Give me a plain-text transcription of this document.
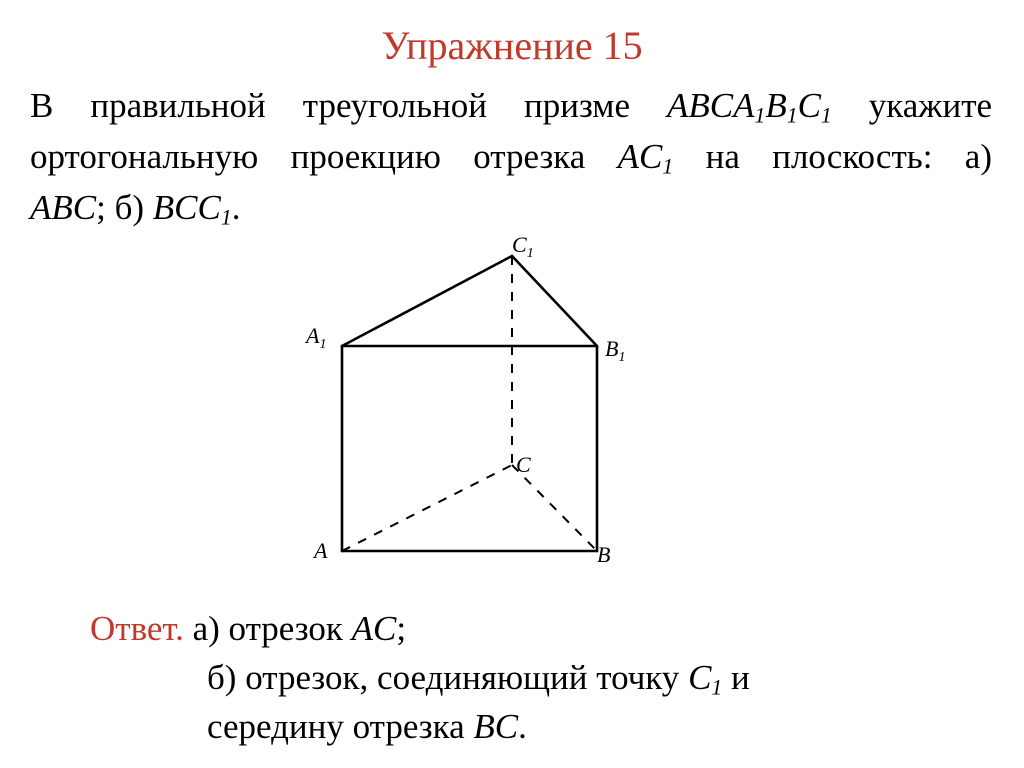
Упражнение 15
В правильной треугольной призме $ABCA_1B_1C_1$ укажите
ортогональную проекцию отрезка $AC_1$ на плоскость: а)
ABC; б) $BCC_1$.
$C_1$
$A_1$	$B_1$
C
A	B
Ответ. а) отрезок AC;
б) отрезок, соединяющий точку $C_1$ и
середину отрезка BC.
